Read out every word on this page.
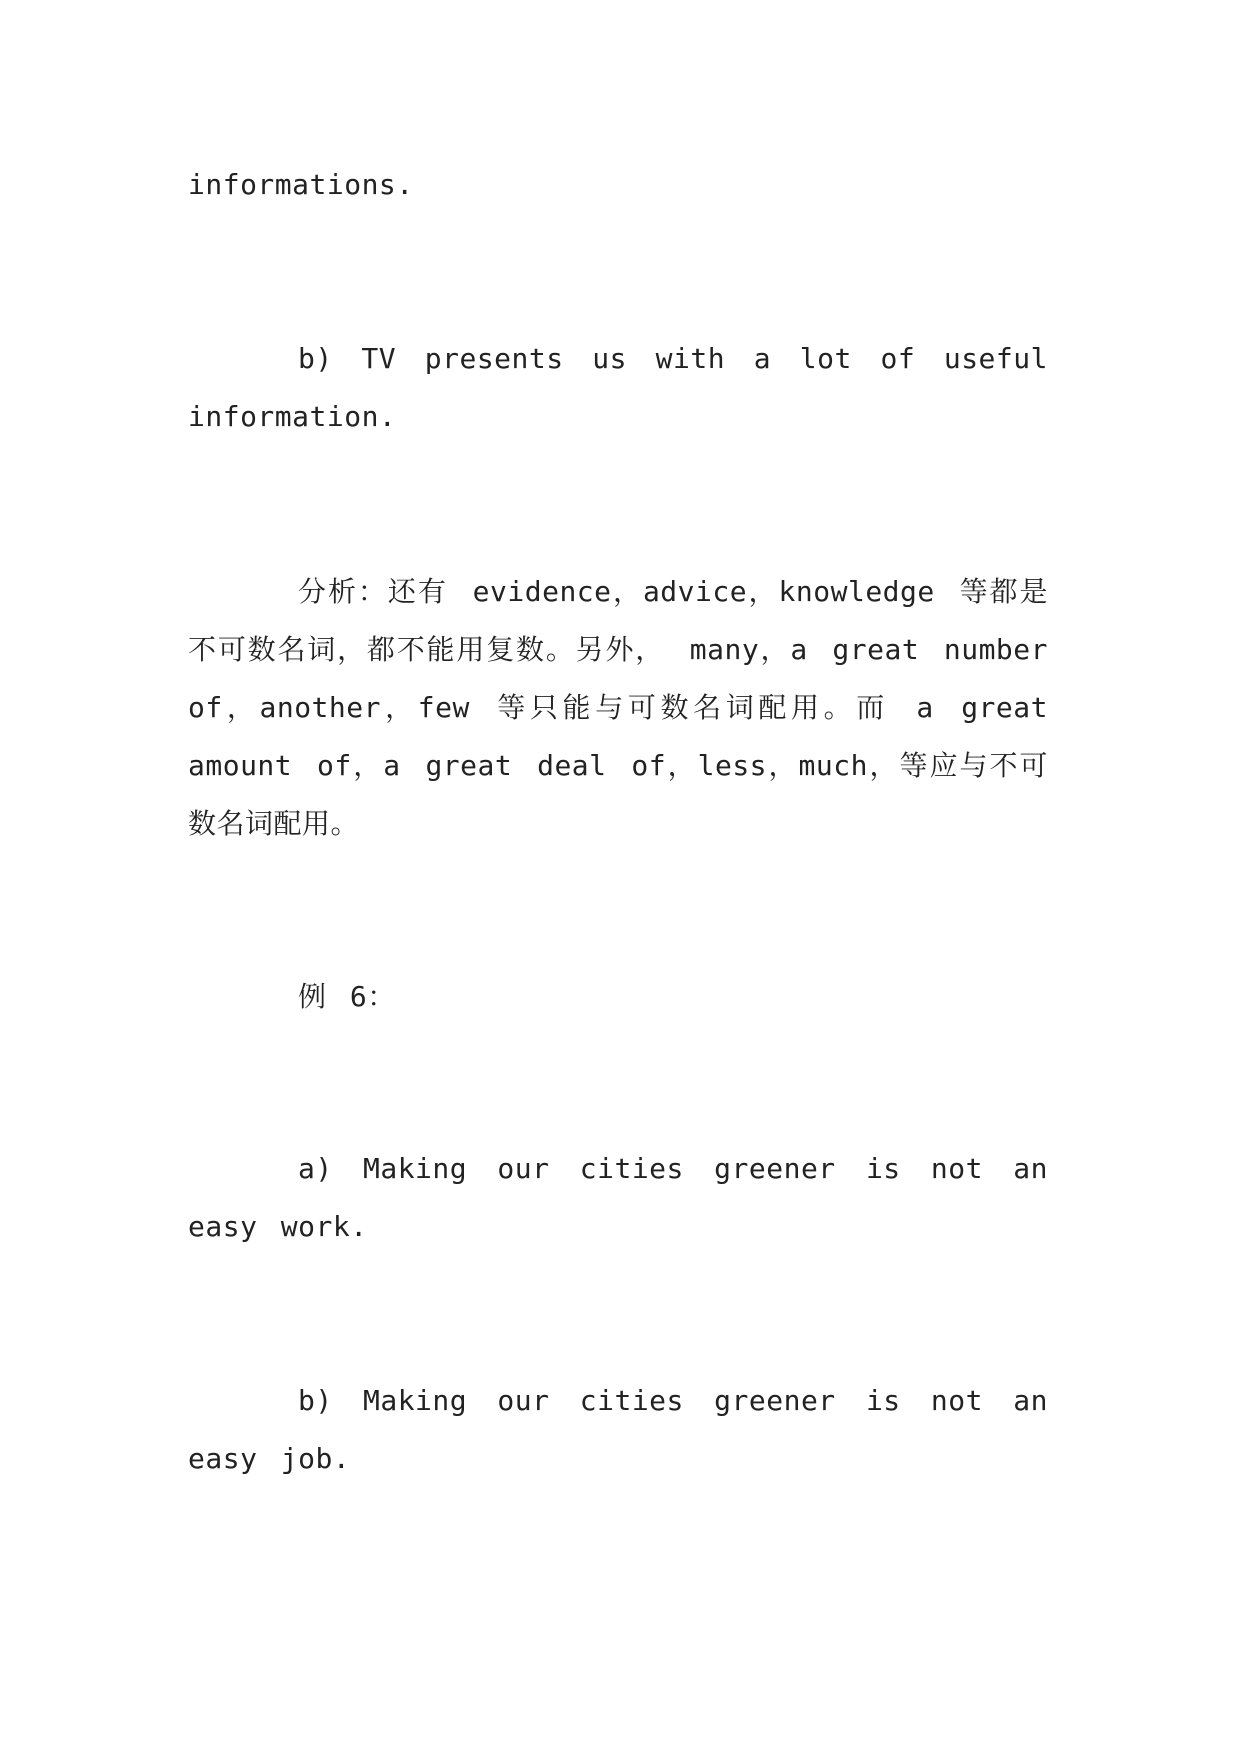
informations.

b) TV presents us with a lot of useful information.

分析：还有 evidence，advice，knowledge 等都是不可数名词，都不能用复数。另外， many，a great number of，another，few 等只能与可数名词配用。而 a great amount of，a great deal of，less，much，等应与不可数名词配用。

例 6：

a) Making our cities greener is not an easy work.

b) Making our cities greener is not an easy job.
